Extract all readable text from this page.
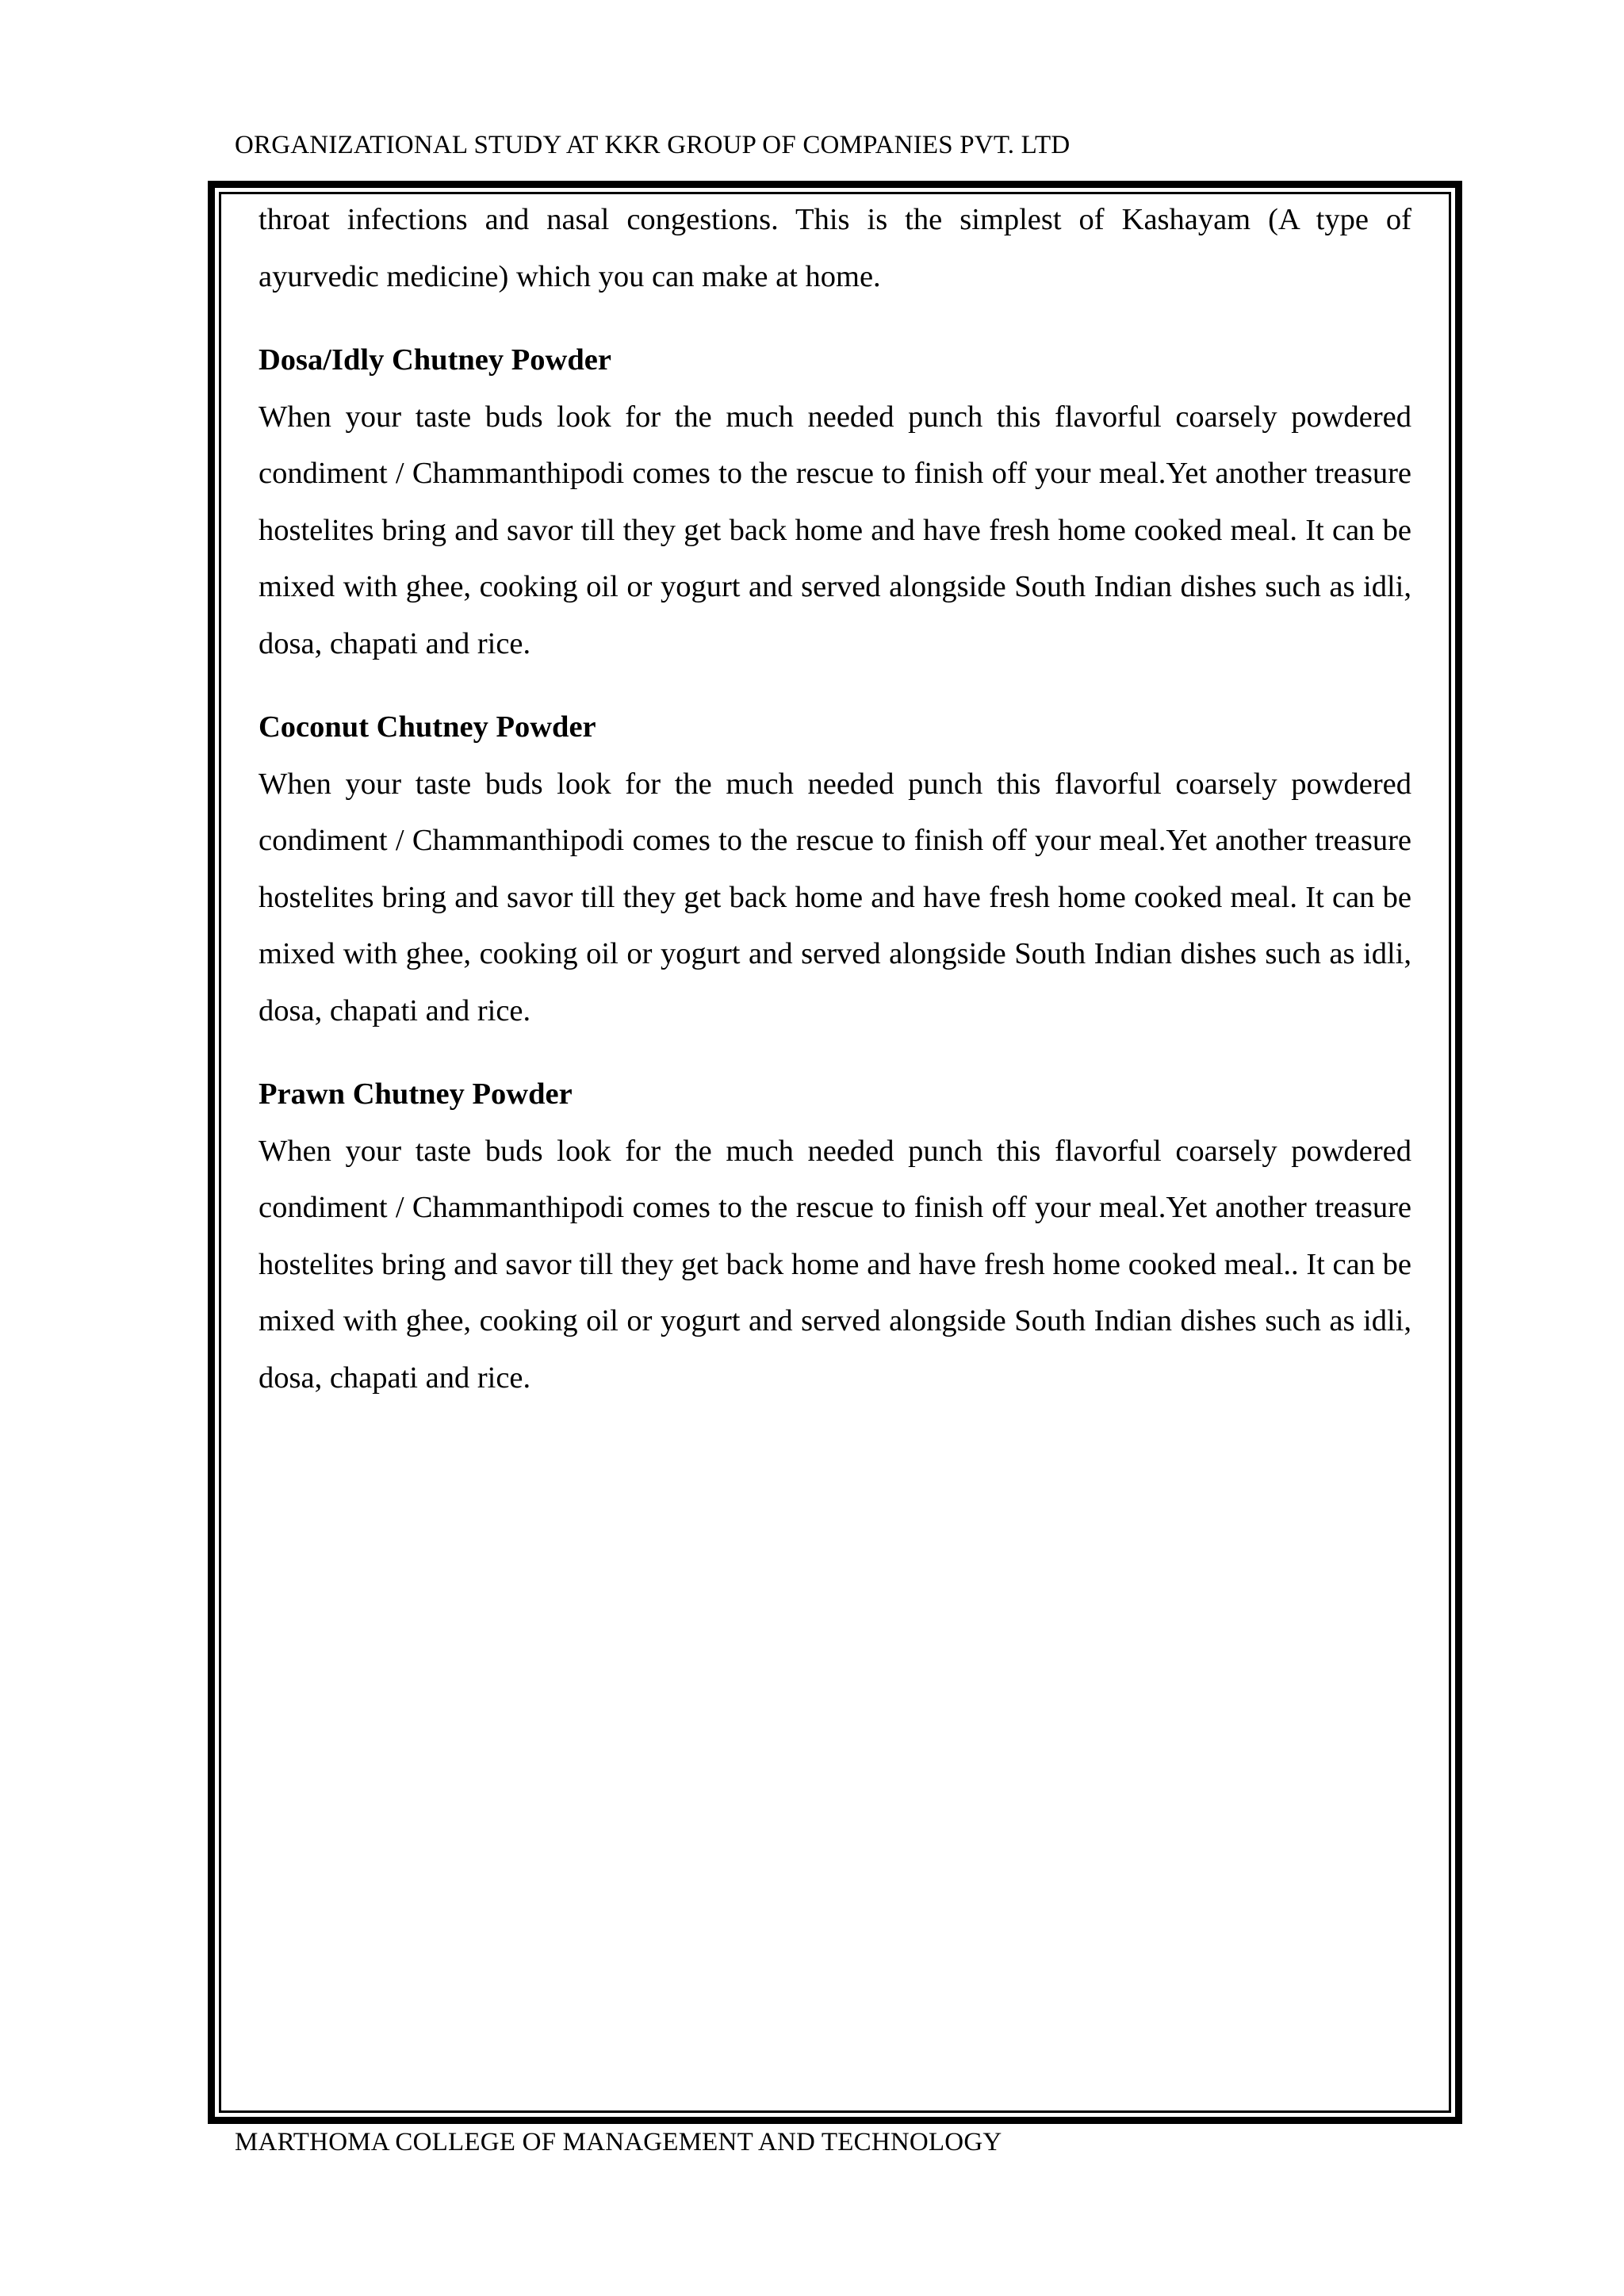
ORGANIZATIONAL STUDY AT KKR GROUP OF COMPANIES PVT. LTD

throat infections and nasal congestions. This is the simplest of Kashayam (A type of ayurvedic medicine) which you can make at home.

Dosa/Idly Chutney Powder

When your taste buds look for the much needed punch this flavorful coarsely powdered condiment / Chammanthipodi comes to the rescue to finish off your meal.Yet another treasure hostelites bring and savor till they get back home and have fresh home cooked meal. It can be mixed with ghee, cooking oil or yogurt and served alongside South Indian dishes such as idli, dosa, chapati and rice.

Coconut Chutney Powder

When your taste buds look for the much needed punch this flavorful coarsely powdered condiment / Chammanthipodi comes to the rescue to finish off your meal.Yet another treasure hostelites bring and savor till they get back home and have fresh home cooked meal. It can be mixed with ghee, cooking oil or yogurt and served alongside South Indian dishes such as idli, dosa, chapati and rice.

Prawn Chutney Powder

When your taste buds look for the much needed punch this flavorful coarsely powdered condiment / Chammanthipodi comes to the rescue to finish off your meal.Yet another treasure hostelites bring and savor till they get back home and have fresh home cooked meal.. It can be mixed with ghee, cooking oil or yogurt and served alongside South Indian dishes such as idli, dosa, chapati and rice.

MARTHOMA COLLEGE OF MANAGEMENT AND TECHNOLOGY
